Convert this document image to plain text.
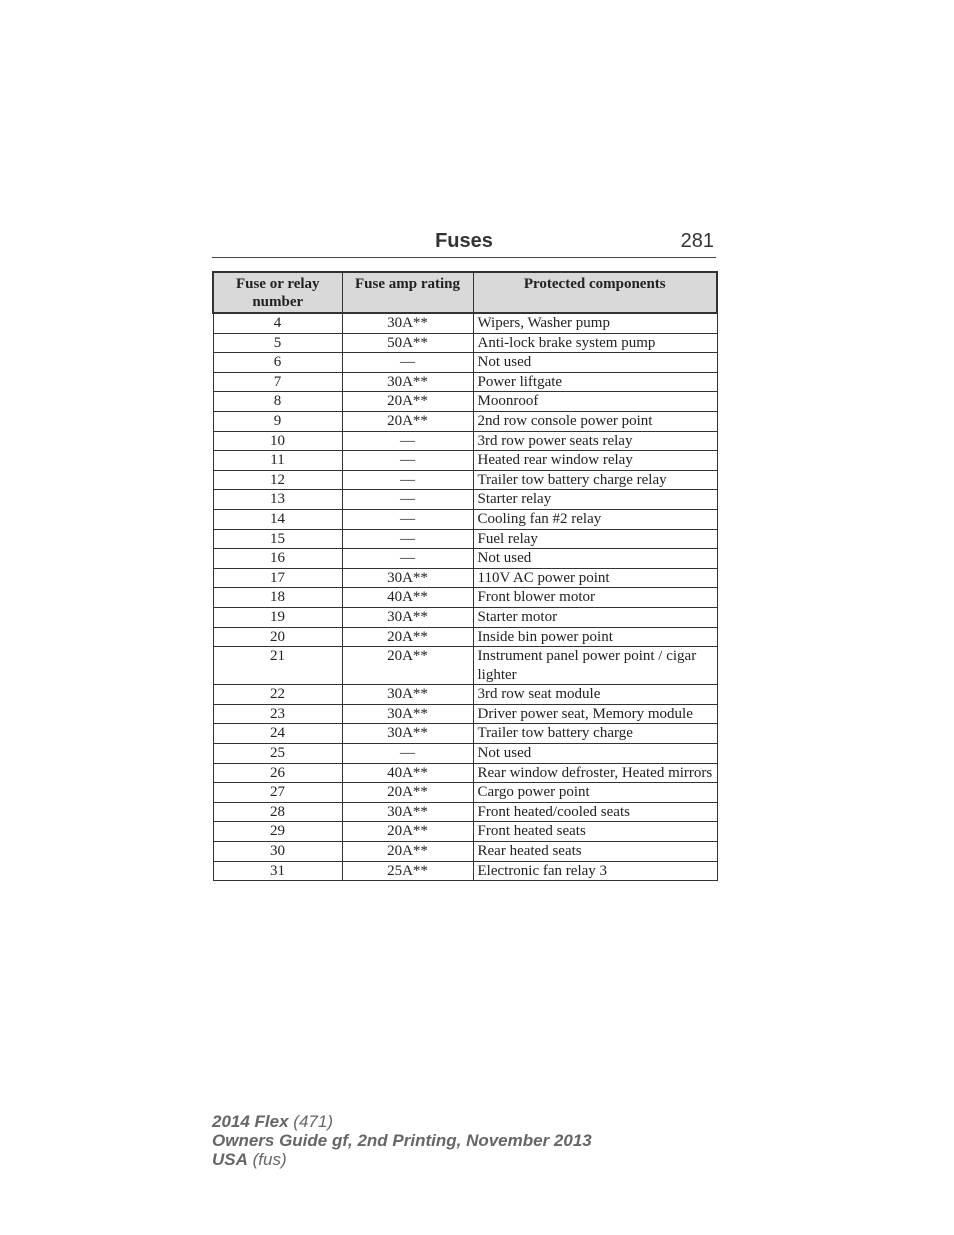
Fuses	281
Fuse or relay number	Fuse amp rating	Protected components
4	30A**	Wipers, Washer pump
5	50A**	Anti-lock brake system pump
6	—	Not used
7	30A**	Power liftgate
8	20A**	Moonroof
9	20A**	2nd row console power point
10	—	3rd row power seats relay
11	—	Heated rear window relay
12	—	Trailer tow battery charge relay
13	—	Starter relay
14	—	Cooling fan #2 relay
15	—	Fuel relay
16	—	Not used
17	30A**	110V AC power point
18	40A**	Front blower motor
19	30A**	Starter motor
20	20A**	Inside bin power point
21	20A**	Instrument panel power point / cigar lighter
22	30A**	3rd row seat module
23	30A**	Driver power seat, Memory module
24	30A**	Trailer tow battery charge
25	—	Not used
26	40A**	Rear window defroster, Heated mirrors
27	20A**	Cargo power point
28	30A**	Front heated/cooled seats
29	20A**	Front heated seats
30	20A**	Rear heated seats
31	25A**	Electronic fan relay 3
2014 Flex (471)
Owners Guide gf, 2nd Printing, November 2013
USA (fus)
